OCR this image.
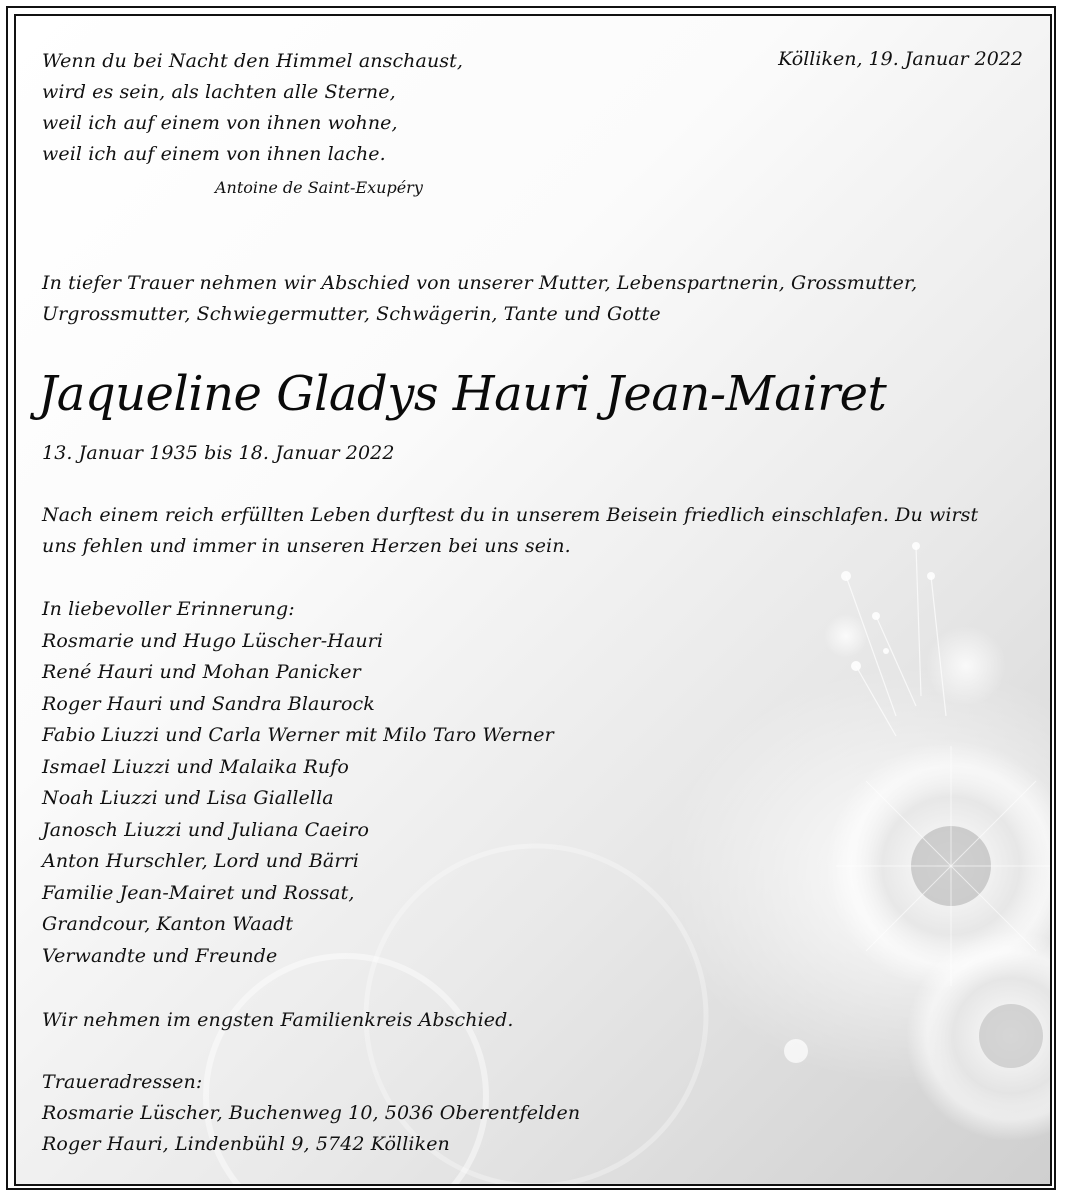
Wenn du bei Nacht den Himmel anschaust,
wird es sein, als lachten alle Sterne,
weil ich auf einem von ihnen wohne,
weil ich auf einem von ihnen lache.
Antoine de Saint-Exupéry
Kölliken, 19. Januar 2022
In tiefer Trauer nehmen wir Abschied von unserer Mutter, Lebenspartnerin, Grossmutter, Urgrossmutter, Schwiegermutter, Schwägerin, Tante und Gotte
Jaqueline Gladys Hauri Jean-Mairet
13. Januar 1935 bis 18. Januar 2022
Nach einem reich erfüllten Leben durftest du in unserem Beisein friedlich einschlafen. Du wirst uns fehlen und immer in unseren Herzen bei uns sein.
In liebevoller Erinnerung:
Rosmarie und Hugo Lüscher-Hauri
René Hauri und Mohan Panicker
Roger Hauri und Sandra Blaurock
Fabio Liuzzi und Carla Werner mit Milo Taro Werner
Ismael Liuzzi und Malaika Rufo
Noah Liuzzi und Lisa Giallella
Janosch Liuzzi und Juliana Caeiro
Anton Hurschler, Lord und Bärri
Familie Jean-Mairet und Rossat,
Grandcour, Kanton Waadt
Verwandte und Freunde
Wir nehmen im engsten Familienkreis Abschied.
Traueradressen:
Rosmarie Lüscher, Buchenweg 10, 5036 Oberentfelden
Roger Hauri, Lindenbühl 9, 5742 Kölliken
